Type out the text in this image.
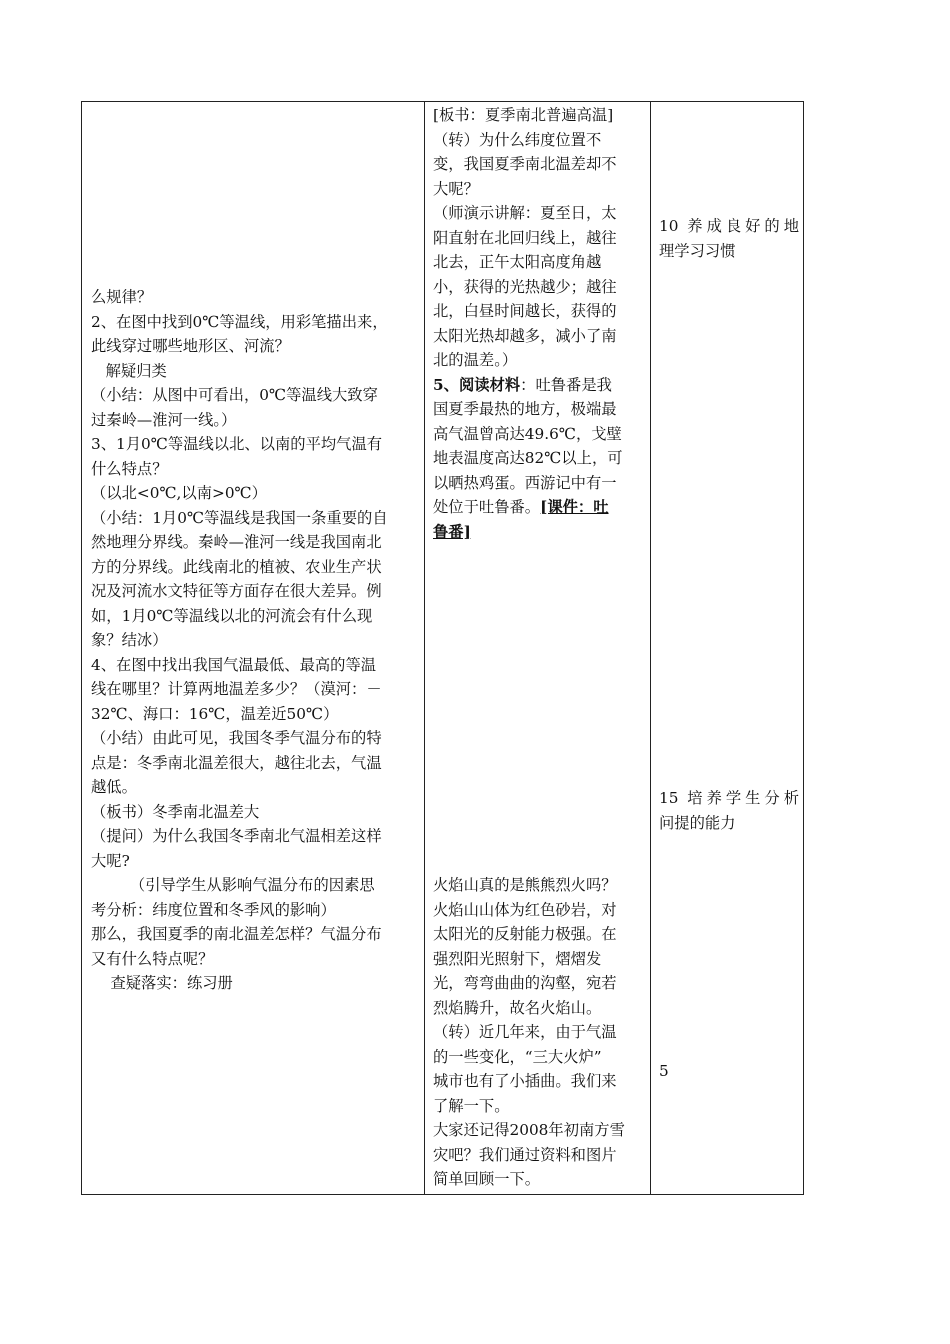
么规律？

2、在图中找到0℃等温线，用彩笔描出来，

此线穿过哪些地形区、河流？

解疑归类

（小结：从图中可看出，0℃等温线大致穿

过秦岭—淮河一线。）

3、1月0℃等温线以北、以南的平均气温有

什么特点？

（以北<0℃,以南>0℃）

（小结：1月0℃等温线是我国一条重要的自

然地理分界线。秦岭—淮河一线是我国南北

方的分界线。此线南北的植被、农业生产状

况及河流水文特征等方面存在很大差异。例

如，1月0℃等温线以北的河流会有什么现

象？结冰）

4、在图中找出我国气温最低、最高的等温

线在哪里？计算两地温差多少？（漠河：－

32℃、海口：16℃，温差近50℃）

（小结）由此可见，我国冬季气温分布的特

点是：冬季南北温差很大，越往北去，气温

越低。

（板书）冬季南北温差大

（提问）为什么我国冬季南北气温相差这样

大呢?

（引导学生从影响气温分布的因素思

考分析：纬度位置和冬季风的影响）

那么，我国夏季的南北温差怎样？气温分布

又有什么特点呢？

查疑落实：练习册

[板书：夏季南北普遍高温]

（转）为什么纬度位置不

变，我国夏季南北温差却不

大呢？

（师演示讲解：夏至日，太

阳直射在北回归线上，越往

北去，正午太阳高度角越

小，获得的光热越少；越往

北，白昼时间越长，获得的

太阳光热却越多，减小了南

北的温差。）

5、阅读材料：吐鲁番是我

国夏季最热的地方，极端最

高气温曾高达49.6℃，戈壁

地表温度高达82℃以上，可

以晒热鸡蛋。西游记中有一

处位于吐鲁番。[课件：吐

鲁番]

火焰山真的是熊熊烈火吗？

火焰山山体为红色砂岩，对

太阳光的反射能力极强。在

强烈阳光照射下，熠熠发

光，弯弯曲曲的沟壑，宛若

烈焰腾升，故名火焰山。

（转）近几年来，由于气温

的一些变化，“三大火炉”

城市也有了小插曲。我们来

了解一下。

大家还记得2008年初南方雪

灾吧？我们通过资料和图片

简单回顾一下。

10 养成良好的地

理学习习惯

15 培养学生分析

问提的能力

5
